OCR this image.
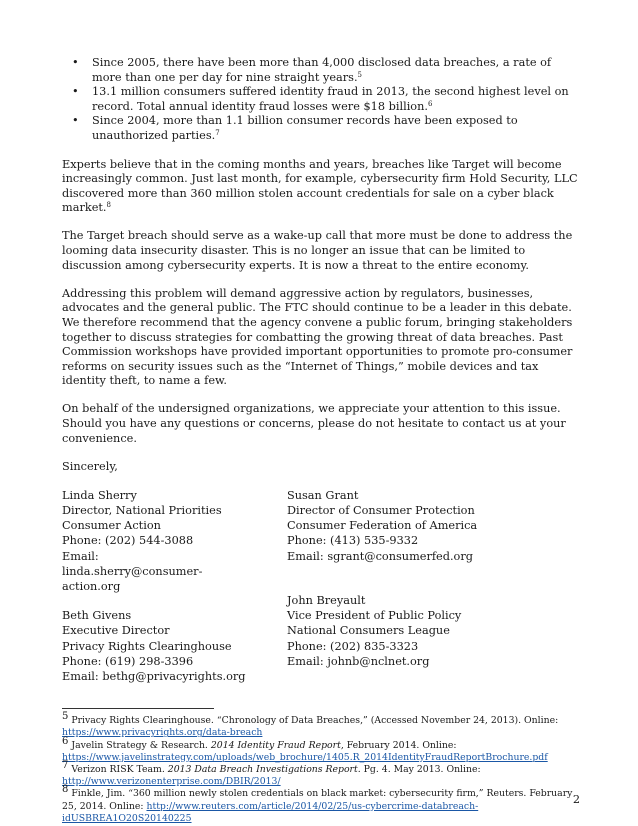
• Since 2005, there have been more than 4,000 disclosed data breaches, a rate of more than one per day for nine straight years.$^5$
• 13.1 million consumers suffered identity fraud in 2013, the second highest level on record. Total annual identity fraud losses were $18 billion.$^6$
• Since 2004, more than 1.1 billion consumer records have been exposed to unauthorized parties.$^7$

Experts believe that in the coming months and years, breaches like Target will become increasingly common. Just last month, for example, cybersecurity firm Hold Security, LLC discovered more than 360 million stolen account credentials for sale on a cyber black market.$^8$

The Target breach should serve as a wake-up call that more must be done to address the looming data insecurity disaster. This is no longer an issue that can be limited to discussion among cybersecurity experts. It is now a threat to the entire economy.

Addressing this problem will demand aggressive action by regulators, businesses, advocates and the general public. The FTC should continue to be a leader in this debate. We therefore recommend that the agency convene a public forum, bringing stakeholders together to discuss strategies for combatting the growing threat of data breaches. Past Commission workshops have provided important opportunities to promote pro-consumer reforms on security issues such as the “Internet of Things,” mobile devices and tax identity theft, to name a few.

On behalf of the undersigned organizations, we appreciate your attention to this issue. Should you have any questions or concerns, please do not hesitate to contact us at your convenience.

Sincerely,

Linda Sherry
Director, National Priorities
Consumer Action
Phone: (202) 544-3088
Email: linda.sherry@consumer-action.org
Beth Givens
Executive Director
Privacy Rights Clearinghouse
Phone: (619) 298-3396
Email: bethg@privacyrights.org
Susan Grant
Director of Consumer Protection
Consumer Federation of America
Phone: (413) 535-9332
Email: sgrant@consumerfed.org
John Breyault
Vice President of Public Policy
National Consumers League
Phone: (202) 835-3323
Email: johnb@nclnet.org
$^5$ Privacy Rights Clearinghouse. “Chronology of Data Breaches,” (Accessed November 24, 2013). Online:
https://www.privacyrights.org/data-breach
$^6$ Javelin Strategy & Research. 2014 Identity Fraud Report, February 2014. Online:
https://www.javelinstrategy.com/uploads/web_brochure/1405.R_2014IdentityFraudReportBrochure.pdf
$^7$ Verizon RISK Team. 2013 Data Breach Investigations Report. Pg. 4. May 2013. Online:
http://www.verizonenterprise.com/DBIR/2013/
$^8$ Finkle, Jim. “360 million newly stolen credentials on black market: cybersecurity firm,” Reuters. February 25, 2014. Online: http://www.reuters.com/article/2014/02/25/us-cybercrime-databreach-idUSBREA1O20S20140225
2
